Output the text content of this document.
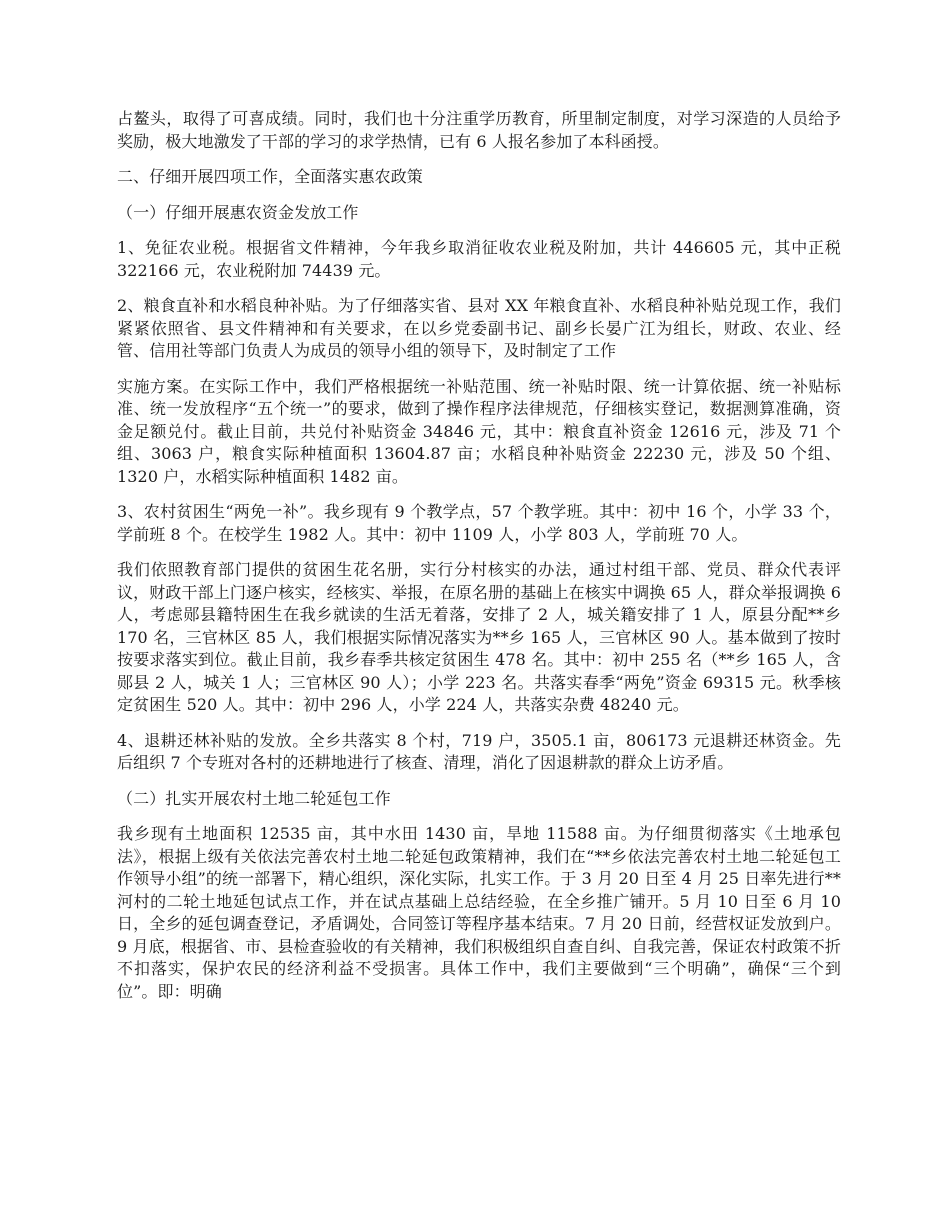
占鳌头，取得了可喜成绩。同时，我们也十分注重学历教育，所里制定制度，对学习深造的人员给予奖励，极大地激发了干部的学习的求学热情，已有 6 人报名参加了本科函授。

二、仔细开展四项工作，全面落实惠农政策

（一）仔细开展惠农资金发放工作

1、免征农业税。根据省文件精神，今年我乡取消征收农业税及附加，共计 446605 元，其中正税 322166 元，农业税附加 74439 元。

2、粮食直补和水稻良种补贴。为了仔细落实省、县对 XX 年粮食直补、水稻良种补贴兑现工作，我们紧紧依照省、县文件精神和有关要求，在以乡党委副书记、副乡长晏广江为组长，财政、农业、经管、信用社等部门负责人为成员的领导小组的领导下，及时制定了工作

实施方案。在实际工作中，我们严格根据统一补贴范围、统一补贴时限、统一计算依据、统一补贴标准、统一发放程序“五个统一”的要求，做到了操作程序法律规范，仔细核实登记，数据测算准确，资金足额兑付。截止目前，共兑付补贴资金 34846 元，其中：粮食直补资金 12616 元，涉及 71 个组、3063 户，粮食实际种植面积 13604.87 亩；水稻良种补贴资金 22230 元，涉及 50 个组、1320 户，水稻实际种植面积 1482 亩。

3、农村贫困生“两免一补”。我乡现有 9 个教学点，57 个教学班。其中：初中 16 个，小学 33 个，学前班 8 个。在校学生 1982 人。其中：初中 1109 人，小学 803 人，学前班 70 人。

我们依照教育部门提供的贫困生花名册，实行分村核实的办法，通过村组干部、党员、群众代表评议，财政干部上门逐户核实，经核实、举报，在原名册的基础上在核实中调换 65 人，群众举报调换 6 人，考虑郧县籍特困生在我乡就读的生活无着落，安排了 2 人，城关籍安排了 1 人，原县分配**乡 170 名，三官林区 85 人，我们根据实际情况落实为**乡 165 人，三官林区 90 人。基本做到了按时按要求落实到位。截止目前，我乡春季共核定贫困生 478 名。其中：初中 255 名（**乡 165 人，含郧县 2 人，城关 1 人；三官林区 90 人）；小学 223 名。共落实春季“两免”资金 69315 元。秋季核定贫困生 520 人。其中：初中 296 人，小学 224 人，共落实杂费 48240 元。

4、退耕还林补贴的发放。全乡共落实 8 个村，719 户，3505.1 亩，806173 元退耕还林资金。先后组织 7 个专班对各村的还耕地进行了核查、清理，消化了因退耕款的群众上访矛盾。

（二）扎实开展农村土地二轮延包工作

我乡现有土地面积 12535 亩，其中水田 1430 亩，旱地 11588 亩。为仔细贯彻落实《土地承包法》，根据上级有关依法完善农村土地二轮延包政策精神，我们在“**乡依法完善农村土地二轮延包工作领导小组”的统一部署下，精心组织，深化实际，扎实工作。于 3 月 20 日至 4 月 25 日率先进行**河村的二轮土地延包试点工作，并在试点基础上总结经验，在全乡推广铺开。5 月 10 日至 6 月 10 日，全乡的延包调查登记，矛盾调处，合同签订等程序基本结束。7 月 20 日前，经营权证发放到户。9 月底，根据省、市、县检查验收的有关精神，我们积极组织自查自纠、自我完善，保证农村政策不折不扣落实，保护农民的经济利益不受损害。具体工作中，我们主要做到“三个明确”，确保“三个到位”。即：明确
